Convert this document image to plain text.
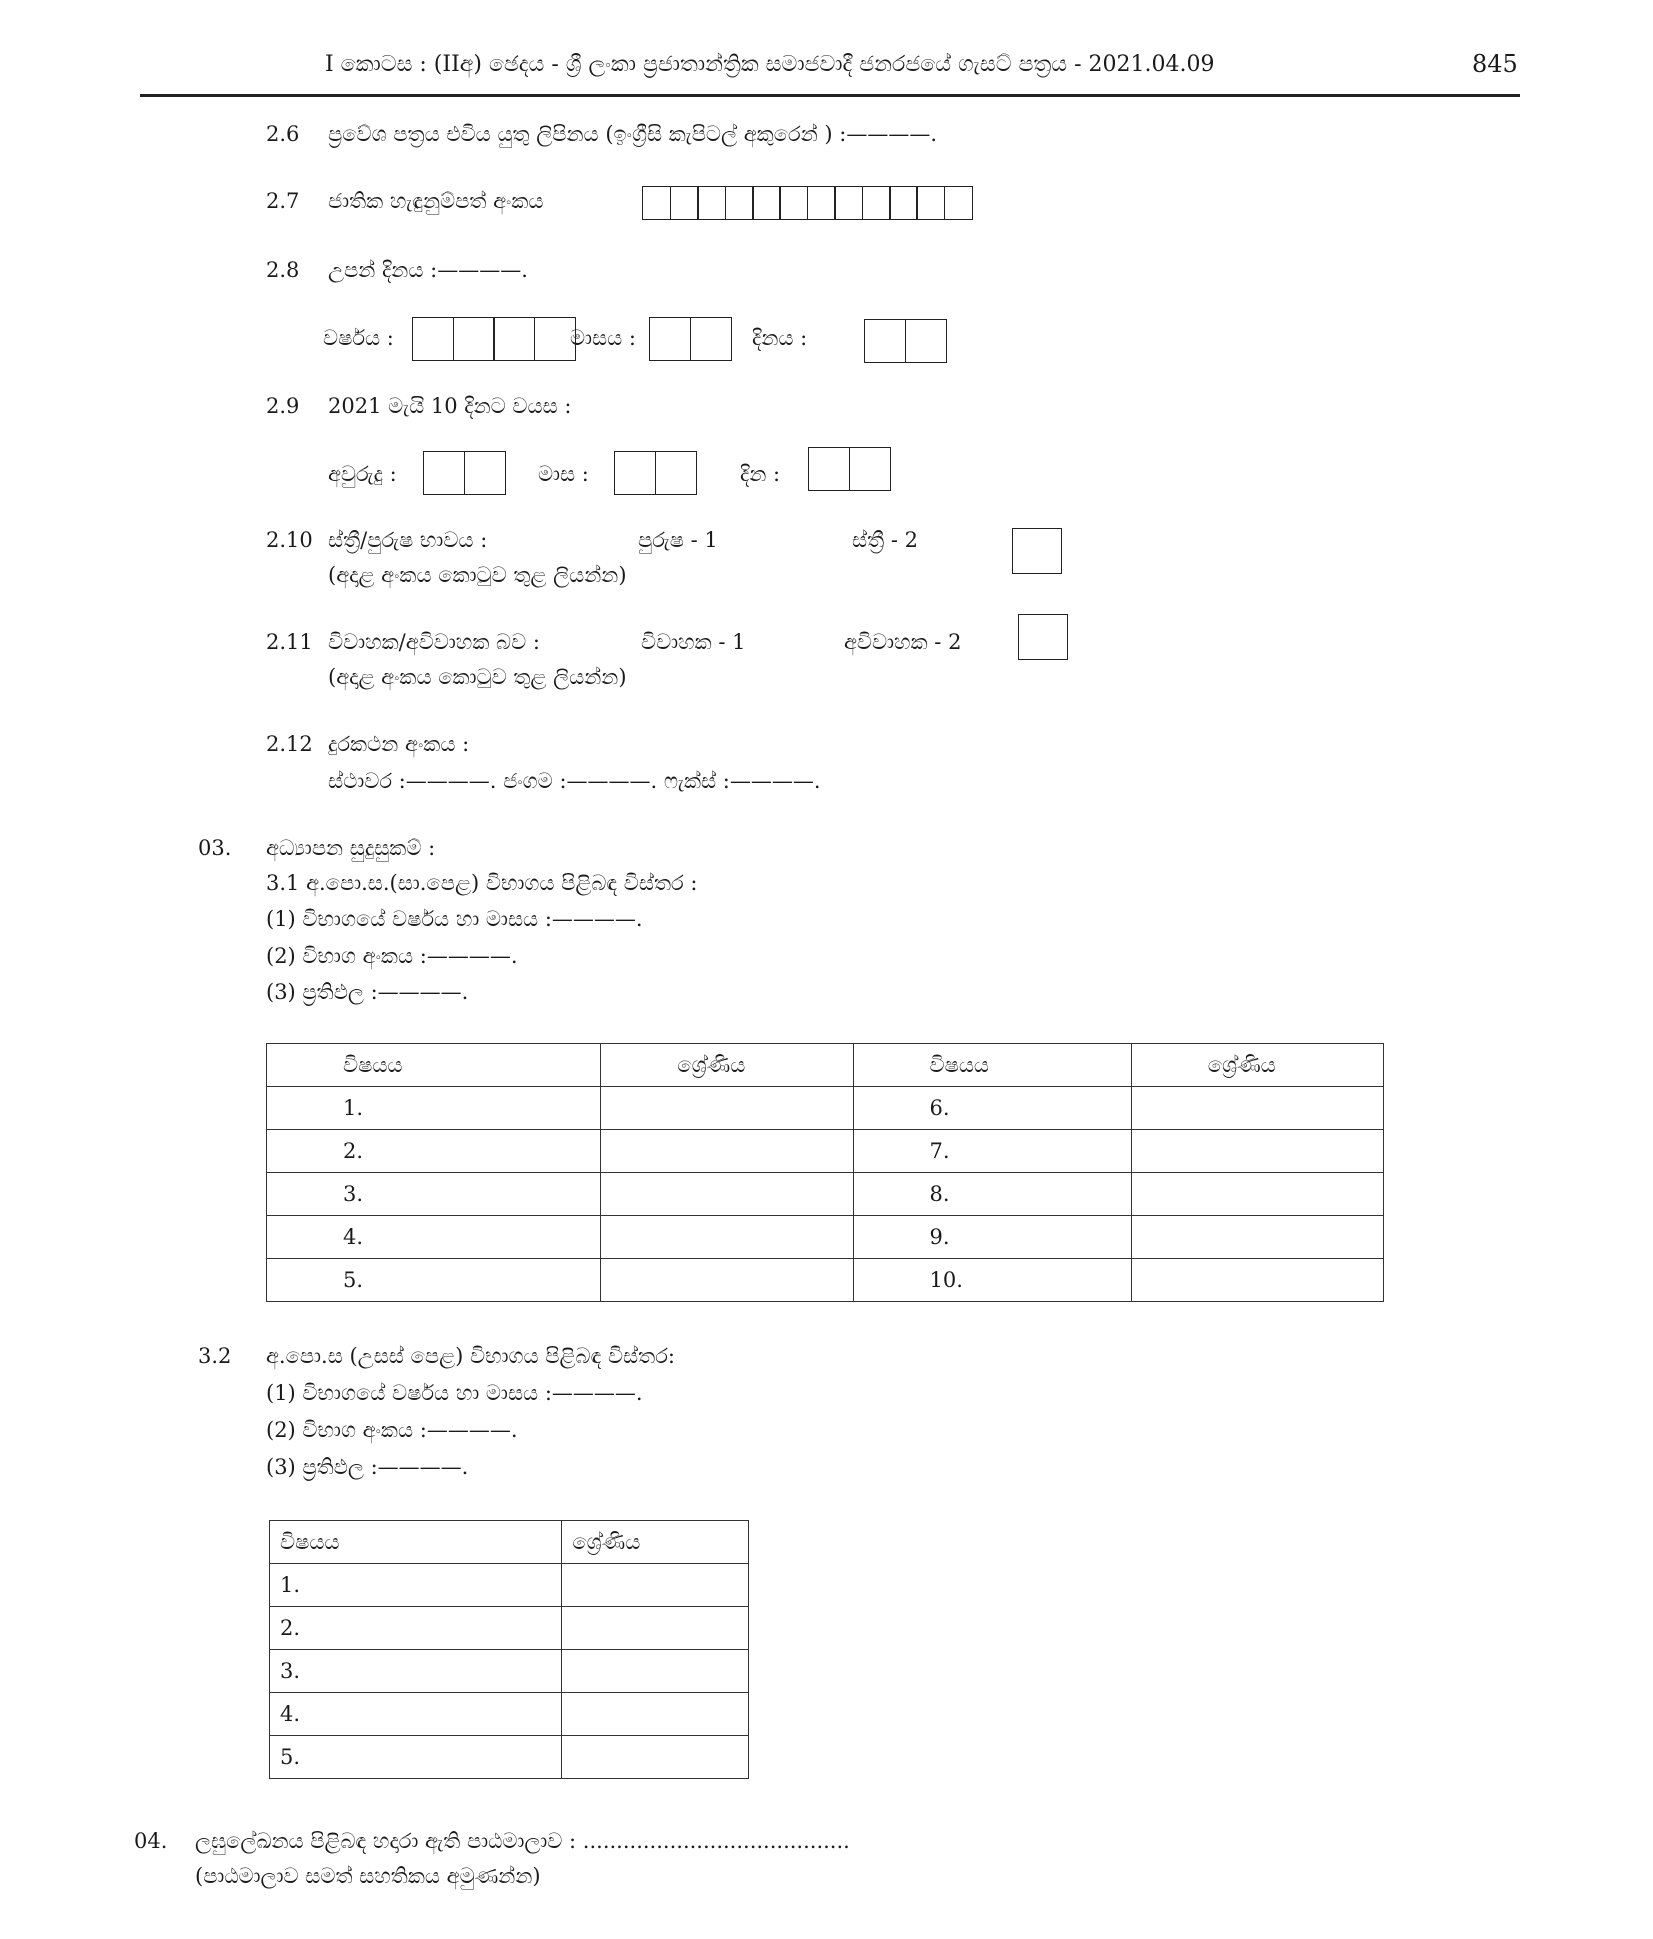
I කොටස : (IIඅ) ඡෙදය - ශ්‍රී ලංකා ප්‍රජාතාන්ත්‍රික සමාජවාදී ජනරජයේ ගැසට් පත්‍රය - 2021.04.09	845
2.6 ප්‍රවේශ පත්‍රය එවිය යුතු ලිපිනය (ඉංග්‍රීසි කැපිටල් අකුරෙන් ) :————.
2.7 ජාතික හැඳුනුම්පත් අංකය
2.8 උපන් දිනය :————.
වර්ෂය :	මාසය :	දිනය :
2.9 2021 මැයි 10 දිනට වයස :
අවුරුදු :	මාස :	දින :
2.10 ස්ත්‍රී/පුරුෂ භාවය :	පුරුෂ - 1	ස්ත්‍රී - 2
(අදාළ අංකය කොටුව තුළ ලියන්න)
2.11 විවාහක/අවිවාහක බව :	විවාහක - 1	අවිවාහක - 2
(අදාළ අංකය කොටුව තුළ ලියන්න)
2.12 දුරකථන අංකය :
ස්ථාවර :————. ජංගම :————. ෆැක්ස් :————.
03. අධ්‍යාපන සුදුසුකම් :
3.1 අ.පො.ස.(සා.පෙළ) විභාගය පිළිබඳ විස්තර :
(1) විභාගයේ වර්ෂය හා මාසය :————.
(2) විභාග අංකය :————.
(3) ප්‍රතිඵල :————.
විෂයය	ශ්‍රේණිය	විෂයය	ශ්‍රේණිය
1.		6.	
2.		7.	
3.		8.	
4.		9.	
5.		10.	
3.2 අ.පො.ස (උසස් පෙළ) විභාගය පිළිබඳ විස්තර:
(1) විභාගයේ වර්ෂය හා මාසය :————.
(2) විභාග අංකය :————.
(3) ප්‍රතිඵල :————.
විෂයය	ශ්‍රේණිය
1.	
2.	
3.	
4.	
5.	
04. ලඝුලේඛනය පිළිබඳ හදාරා ඇති පාඨමාලාව : ........................................
(පාඨමාලාව සමත් සහතිකය අමුණන්න)
